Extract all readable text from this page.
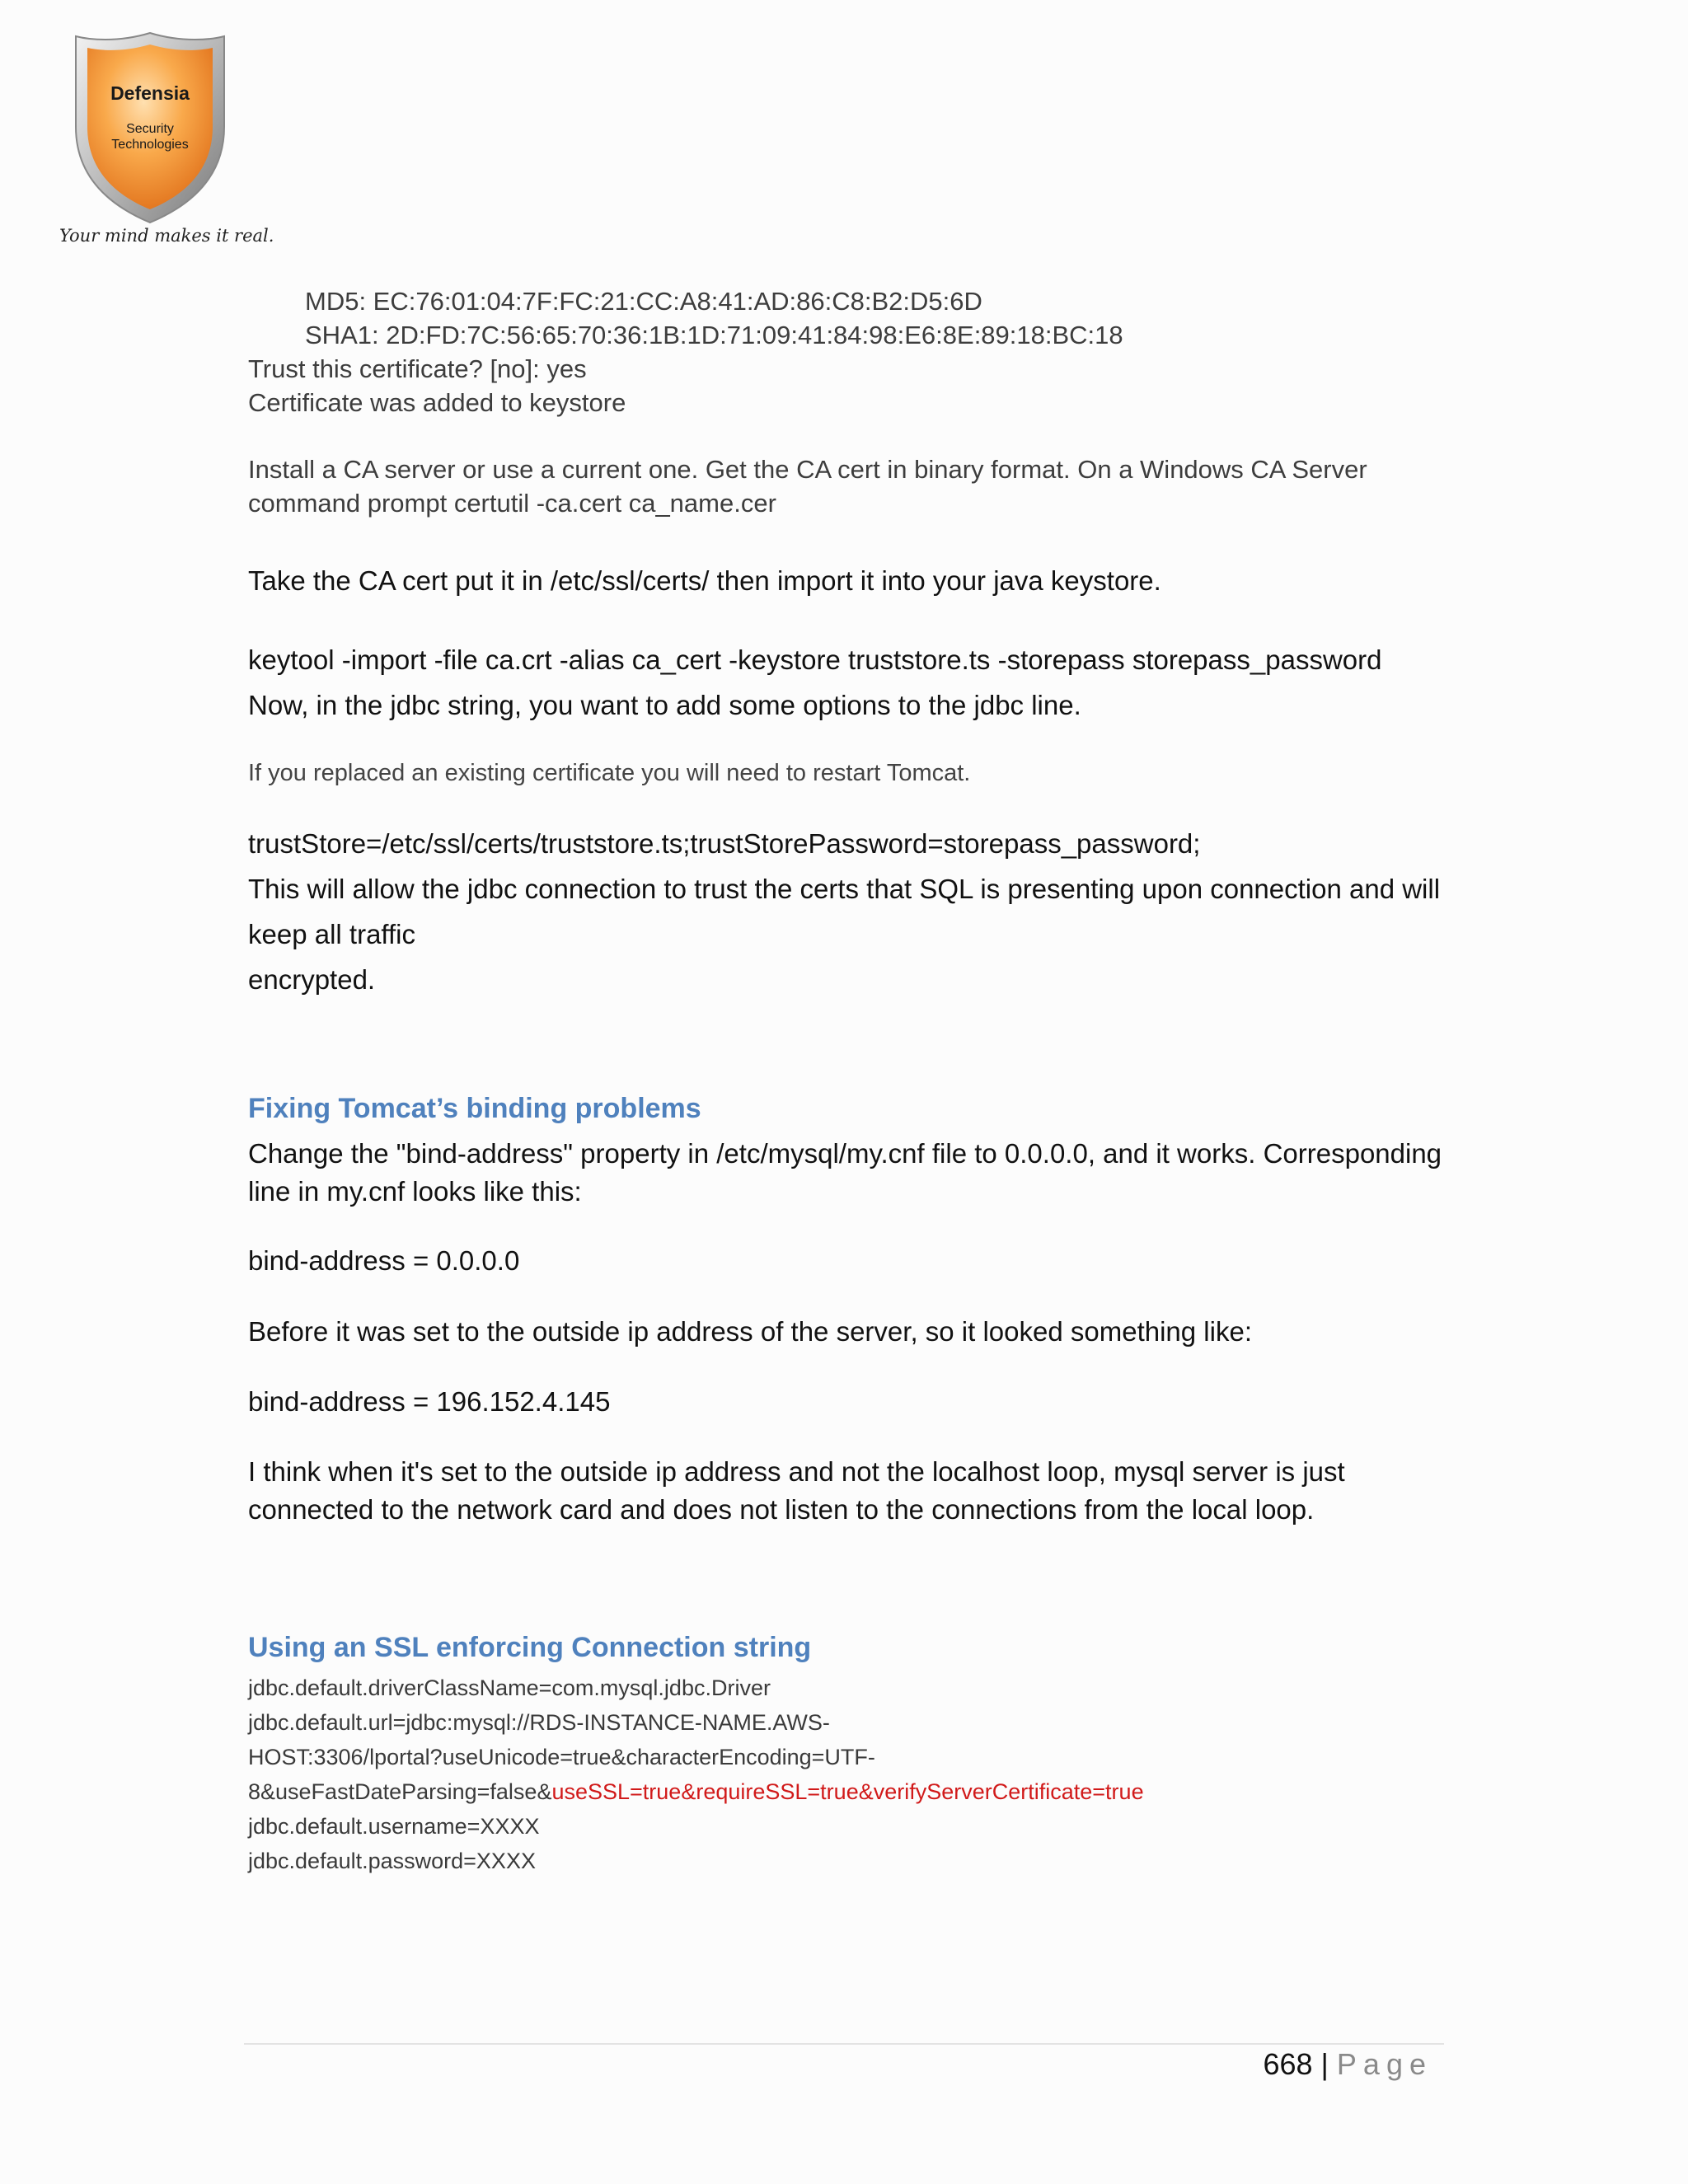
Defensia
Security
Technologies
Your mind makes it real.
MD5: EC:76:01:04:7F:FC:21:CC:A8:41:AD:86:C8:B2:D5:6D
SHA1: 2D:FD:7C:56:65:70:36:1B:1D:71:09:41:84:98:E6:8E:89:18:BC:18
Trust this certificate? [no]: yes
Certificate was added to keystore
Install a CA server or use a current one. Get the CA cert in binary format. On a Windows CA Server
command prompt certutil -ca.cert ca_name.cer
Take the CA cert put it in /etc/ssl/certs/ then import it into your java keystore.
keytool -import -file ca.crt -alias ca_cert -keystore truststore.ts -storepass storepass_password
Now, in the jdbc string, you want to add some options to the jdbc line.
If you replaced an existing certificate you will need to restart Tomcat.
trustStore=/etc/ssl/certs/truststore.ts;trustStorePassword=storepass_password;
This will allow the jdbc connection to trust the certs that SQL is presenting upon connection and will
keep all traffic
encrypted.
Fixing Tomcat’s binding problems
Change the "bind-address" property in /etc/mysql/my.cnf file to 0.0.0.0, and it works. Corresponding line in my.cnf looks like this:
bind-address = 0.0.0.0
Before it was set to the outside ip address of the server, so it looked something like:
bind-address = 196.152.4.145
I think when it's set to the outside ip address and not the localhost loop, mysql server is just connected to the network card and does not listen to the connections from the local loop.
Using an SSL enforcing Connection string
jdbc.default.driverClassName=com.mysql.jdbc.Driver
jdbc.default.url=jdbc:mysql://RDS-INSTANCE-NAME.AWS-
HOST:3306/lportal?useUnicode=true&characterEncoding=UTF-
8&useFastDateParsing=false&useSSL=true&requireSSL=true&verifyServerCertificate=true
jdbc.default.username=XXXX
jdbc.default.password=XXXX
668 | Page
